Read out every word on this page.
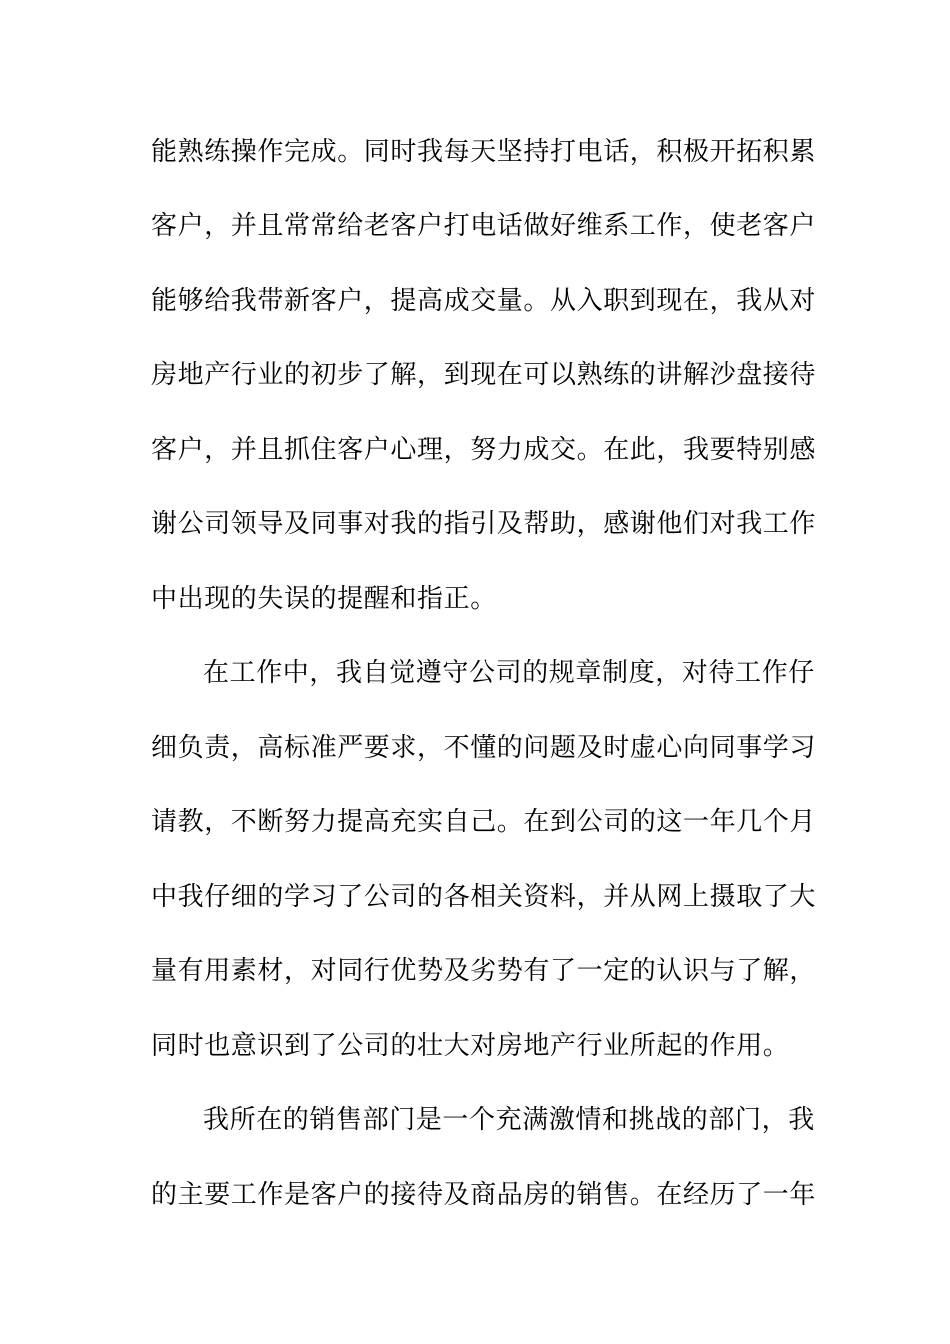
能熟练操作完成。同时我每天坚持打电话，积极开拓积累
客户，并且常常给老客户打电话做好维系工作，使老客户
能够给我带新客户，提高成交量。从入职到现在，我从对
房地产行业的初步了解，到现在可以熟练的讲解沙盘接待
客户，并且抓住客户心理，努力成交。在此，我要特别感
谢公司领导及同事对我的指引及帮助，感谢他们对我工作
中出现的失误的提醒和指正。
在工作中，我自觉遵守公司的规章制度，对待工作仔
细负责，高标准严要求，不懂的问题及时虚心向同事学习
请教，不断努力提高充实自己。在到公司的这一年几个月
中我仔细的学习了公司的各相关资料，并从网上摄取了大
量有用素材，对同行优势及劣势有了一定的认识与了解，
同时也意识到了公司的壮大对房地产行业所起的作用。
我所在的销售部门是一个充满激情和挑战的部门，我
的主要工作是客户的接待及商品房的销售。在经历了一年
